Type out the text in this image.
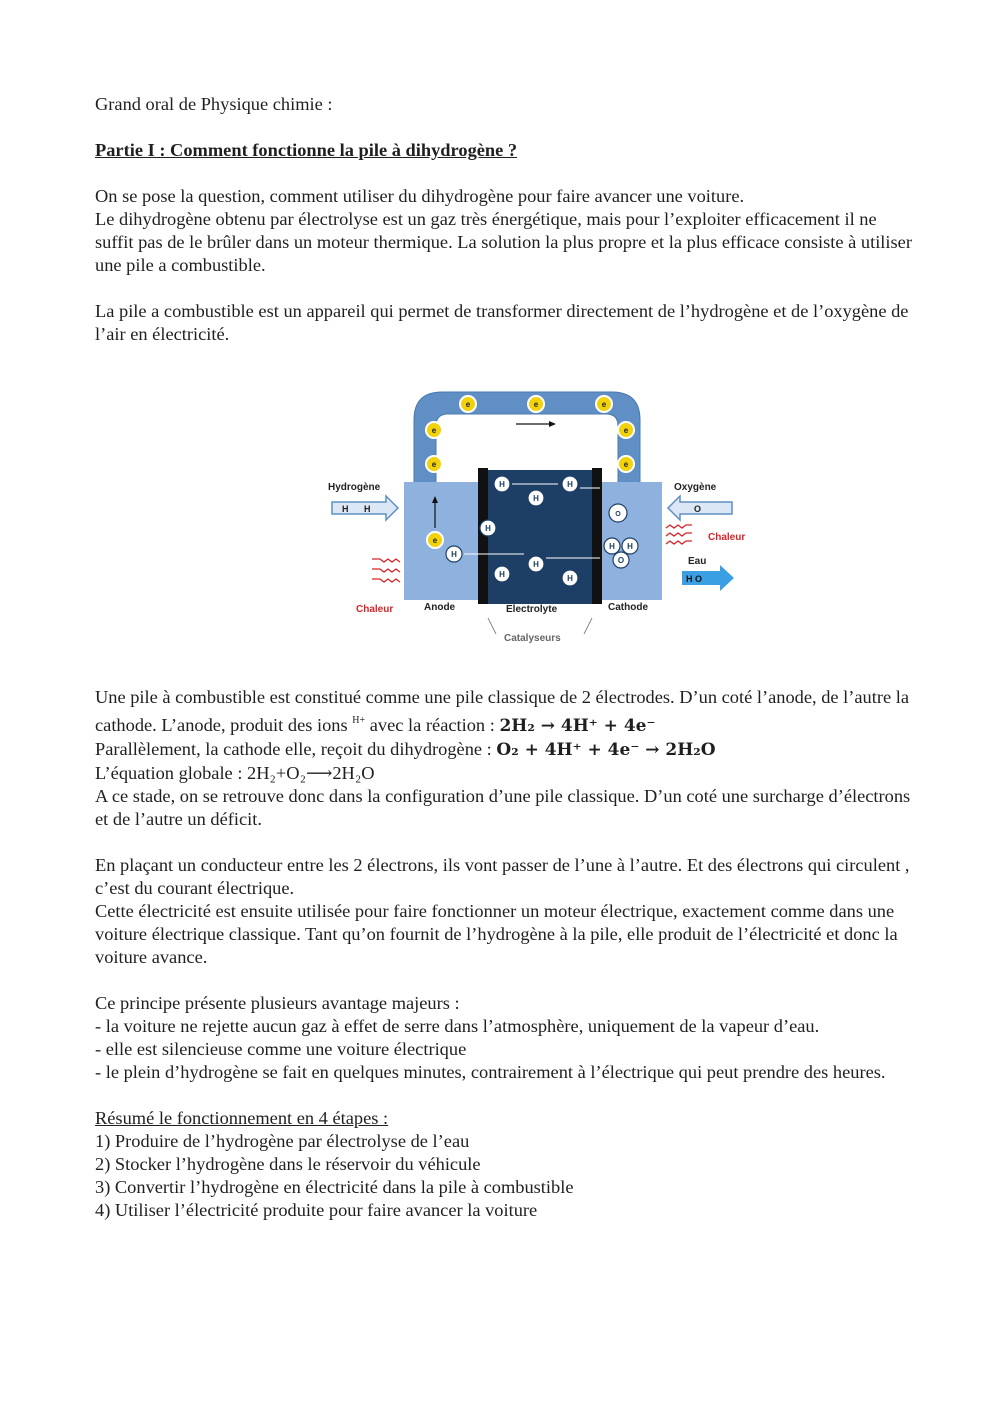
Grand oral de Physique chimie :

Partie I : Comment fonctionne la pile à dihydrogène ?

On se pose la question, comment utiliser du dihydrogène pour faire avancer une voiture.

Le dihydrogène obtenu par électrolyse est un gaz très énergétique, mais pour l’exploiter efficacement il ne suffit pas de le brûler dans un moteur thermique. La solution la plus propre et la plus efficace consiste à utiliser une pile a combustible.

La pile a combustible est un appareil qui permet de transformer directement de l’hydrogène et de l’oxygène de l’air en électricité.

e	e	e
e
e
e
e
e
H	H
H
H
H
H
H	H
O
H H
O
Hydrogène
H H
Oxygène
O
Chaleur
Eau
H O
Chaleur	Anode	Electrolyte	Cathode
Catalyseurs

Une pile à combustible est constitué comme une pile classique de 2 électrodes. D’un coté l’anode, de l’autre la cathode. L’anode, produit des ions $^{H+}$ avec la réaction : 2H₂ → 4H⁺ + 4e⁻

Parallèlement, la cathode elle, reçoit du dihydrogène : O₂ + 4H⁺ + 4e⁻ → 2H₂O

L’équation globale : 2H₂+O₂⟶2H₂O

A ce stade, on se retrouve donc dans la configuration d’une pile classique. D’un coté une surcharge d’électrons et de l’autre un déficit.

En plaçant un conducteur entre les 2 électrons, ils vont passer de l’une à l’autre. Et des électrons qui circulent , c’est du courant électrique.

Cette électricité est ensuite utilisée pour faire fonctionner un moteur électrique, exactement comme dans une voiture électrique classique. Tant qu’on fournit de l’hydrogène à la pile, elle produit de l’électricité et donc la voiture avance.

Ce principe présente plusieurs avantage majeurs :

- la voiture ne rejette aucun gaz à effet de serre dans l’atmosphère, uniquement de la vapeur d’eau.

- elle est silencieuse comme une voiture électrique

- le plein d’hydrogène se fait en quelques minutes, contrairement à l’électrique qui peut prendre des heures.

Résumé le fonctionnement en 4 étapes :

1) Produire de l’hydrogène par électrolyse de l’eau

2) Stocker l’hydrogène dans le réservoir du véhicule

3) Convertir l’hydrogène en électricité dans la pile à combustible

4) Utiliser l’électricité produite pour faire avancer la voiture
